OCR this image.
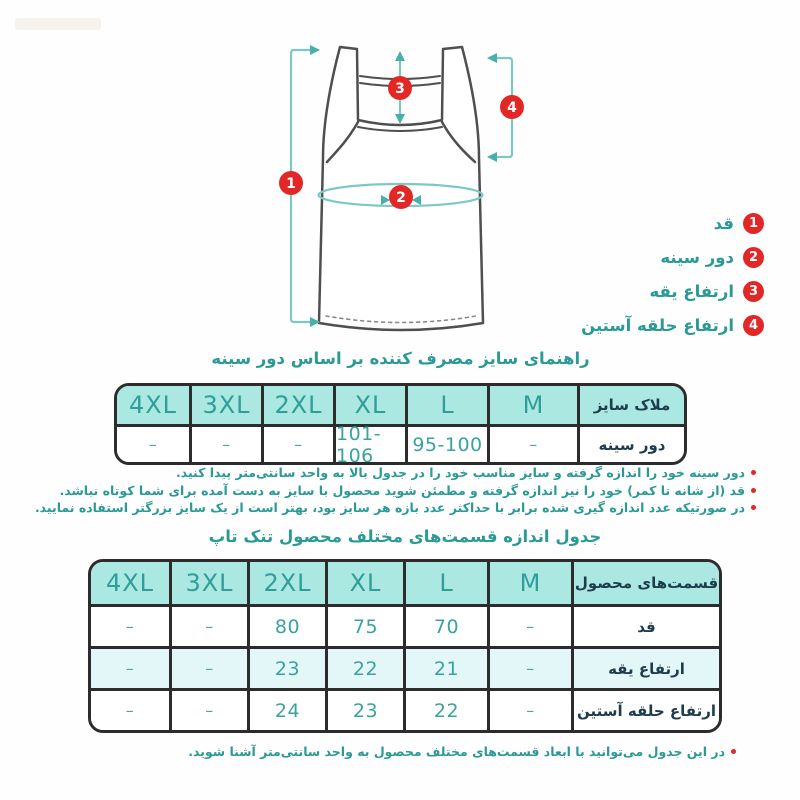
1
2
3
4
1
قد
2
دور سینه
3
ارتفاع یقه
4
ارتفاع حلقه آستین
راهنمای سایز مصرف کننده بر اساس دور سینه
4XL	3XL 2XL	XL	L	M	ملاک سایز
–	–	–	101-106	95-100	–	دور سینه
دور سینه خود را اندازه گرفته و سایز مناسب خود را در جدول بالا به واحد سانتی‌متر پیدا کنید.
قد (از شانه تا کمر) خود را نیز اندازه گرفته و مطمئن شوید محصول با سایز به دست آمده برای شما کوتاه نباشد.
در صورتیکه عدد اندازه گیری شده برابر با حداکثر عدد بازه هر سایز بود، بهتر است از یک سایز بزرگتر استفاده نمایید.
جدول اندازه قسمت‌های مختلف محصول تنک تاپ
4XL	3XL	2XL	XL	L	M	قسمت‌های محصول
–	–	80	75	70	–	قد
–	–	23	22	21	–	ارتفاع یقه
–	–	24	23	22	–	ارتفاع حلقه آستین
در این جدول می‌توانید با ابعاد قسمت‌های مختلف محصول به واحد سانتی‌متر آشنا شوید.
